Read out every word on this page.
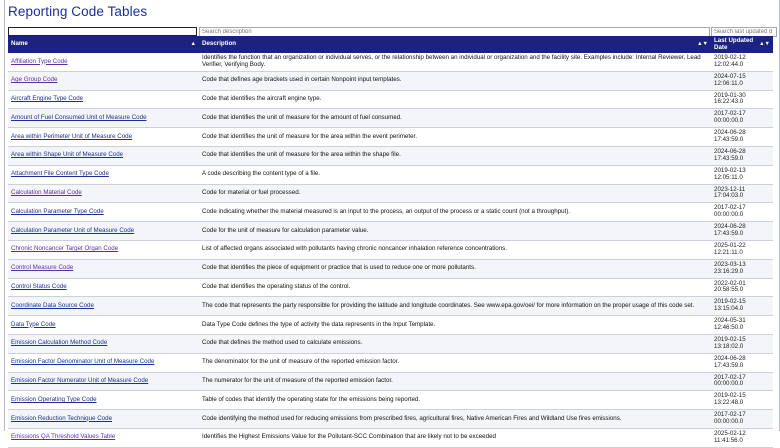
Reporting Code Tables
Search description
Search last updated d
Name ▲	Description ▲▼	Last Updated Date ▲▼

Affiliation Type Code	Identifies the function that an organization or individual serves, or the relationship between an individual or organization and the facility site. Examples include: Internal Reviewer, Lead Verifier, Verifying Body.	2019-02-12 12:02:44.0
Age Group Code	Code that defines age brackets used in certain Nonpoint input templates.	2024-07-15 12:06:11.0
Aircraft Engine Type Code	Code that identifies the aircraft engine type.	2019-01-30 16:22:43.0
Amount of Fuel Consumed Unit of Measure Code	Code that identifies the unit of measure for the amount of fuel consumed.	2017-02-17 00:00:00.0
Area within Perimeter Unit of Measure Code	Code that identifies the unit of measure for the area within the event perimeter.	2024-06-28 17:43:59.0
Area within Shape Unit of Measure Code	Code that identifies the unit of measure for the area within the shape file.	2024-06-28 17:43:59.0
Attachment File Content Type Code	A code describing the content type of a file.	2019-02-13 12:05:11.0
Calculation Material Code	Code for material or fuel processed.	2023-12-11 17:04:03.0
Calculation Parameter Type Code	Code indicating whether the material measured is an input to the process, an output of the process or a static count (not a throughput).	2017-02-17 00:00:00.0
Calculation Parameter Unit of Measure Code	Code for the unit of measure for calculation parameter value.	2024-06-28 17:43:59.0
Chronic Noncancer Target Organ Code	List of affected organs associated with pollutants having chronic noncancer inhalation reference concentrations.	2025-01-22 12:21:11.0
Control Measure Code	Code that identifies the piece of equipment or practice that is used to reduce one or more pollutants.	2023-03-13 23:16:29.0
Control Status Code	Code that identifies the operating status of the control.	2022-02-01 20:58:55.0
Coordinate Data Source Code	The code that represents the party responsible for providing the latitude and longitude coordinates. See www.epa.gov/oei/ for more information on the proper usage of this code set.	2019-02-15 13:15:04.0
Data Type Code	Data Type Code defines the type of activity the data represents in the Input Template.	2024-05-31 12:46:50.0
Emission Calculation Method Code	Code that defines the method used to calculate emissions.	2019-02-15 13:18:02.0
Emission Factor Denominator Unit of Measure Code	The denominator for the unit of measure of the reported emission factor.	2024-06-28 17:43:59.0
Emission Factor Numerator Unit of Measure Code	The numerator for the unit of measure of the reported emission factor.	2017-02-17 00:00:00.0
Emission Operating Type Code	Table of codes that identify the operating state for the emissions being reported.	2019-02-15 13:22:48.0
Emission Reduction Technique Code	Code identifying the method used for reducing emissions from prescribed fires, agricultural fires, Native American Fires and Wildland Use fires emissions.	2017-02-17 00:00:00.0
Emissions QA Threshold Values Table	Identifies the Highest Emissions Value for the Pollutant-SCC Combination that are likely not to be exceeded	2025-02-12 11:41:56.0
